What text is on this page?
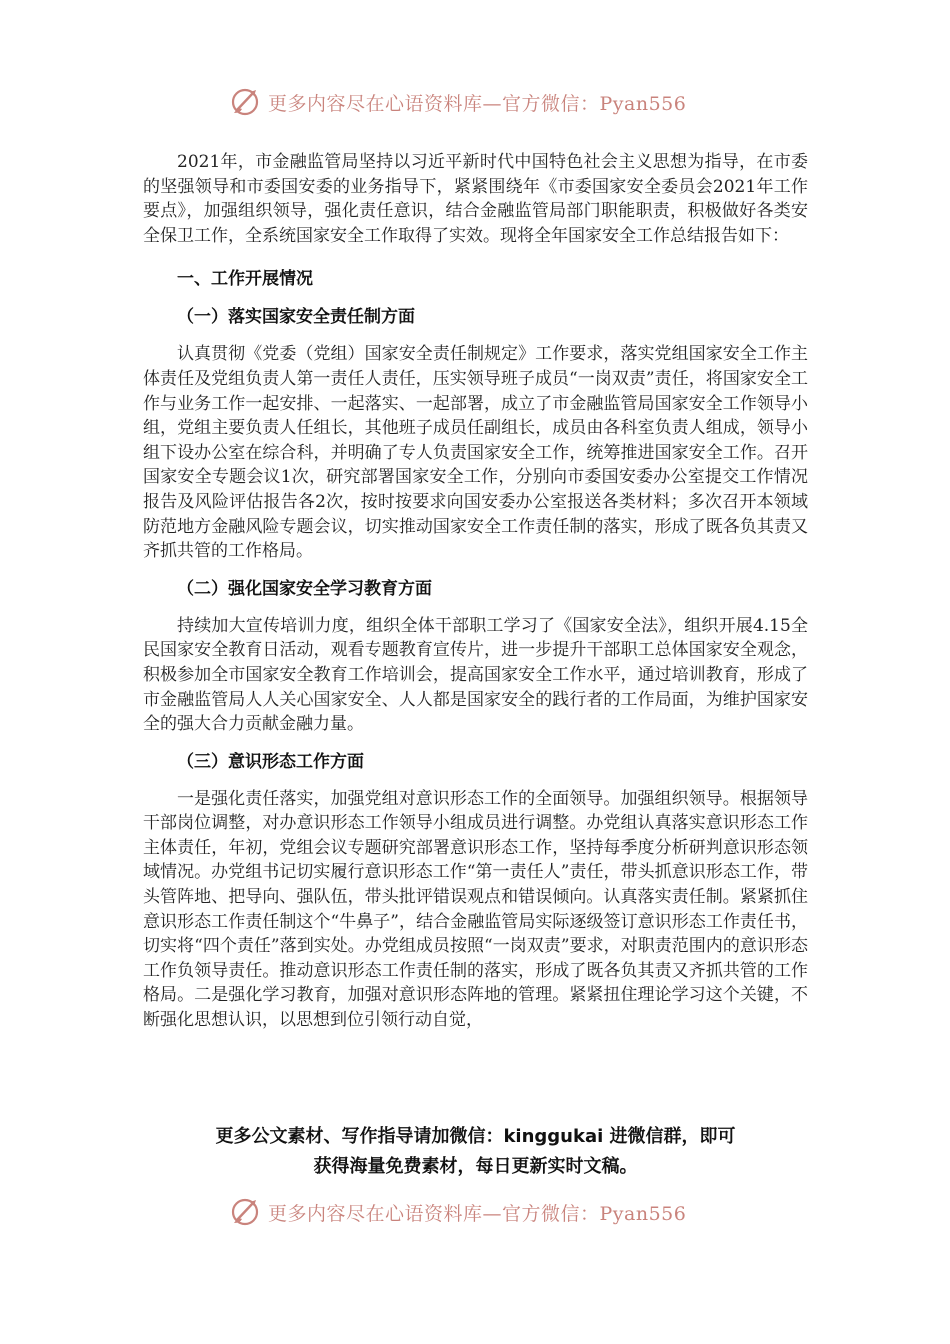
更多内容尽在心语资料库—官方微信：Pyan556

2021年，市金融监管局坚持以习近平新时代中国特色社会主义思想为指导，在市委的坚强领导和市委国安委的业务指导下，紧紧围绕年《市委国家安全委员会2021年工作要点》，加强组织领导，强化责任意识，结合金融监管局部门职能职责，积极做好各类安全保卫工作，全系统国家安全工作取得了实效。现将全年国家安全工作总结报告如下：

一、工作开展情况

（一）落实国家安全责任制方面

认真贯彻《党委（党组）国家安全责任制规定》工作要求，落实党组国家安全工作主体责任及党组负责人第一责任人责任，压实领导班子成员“一岗双责”责任，将国家安全工作与业务工作一起安排、一起落实、一起部署，成立了市金融监管局国家安全工作领导小组，党组主要负责人任组长，其他班子成员任副组长，成员由各科室负责人组成，领导小组下设办公室在综合科，并明确了专人负责国家安全工作，统筹推进国家安全工作。召开国家安全专题会议1次，研究部署国家安全工作，分别向市委国安委办公室提交工作情况报告及风险评估报告各2次，按时按要求向国安委办公室报送各类材料；多次召开本领域防范地方金融风险专题会议，切实推动国家安全工作责任制的落实，形成了既各负其责又齐抓共管的工作格局。

（二）强化国家安全学习教育方面

持续加大宣传培训力度，组织全体干部职工学习了《国家安全法》，组织开展4.15全民国家安全教育日活动，观看专题教育宣传片，进一步提升干部职工总体国家安全观念，积极参加全市国家安全教育工作培训会，提高国家安全工作水平，通过培训教育，形成了市金融监管局人人关心国家安全、人人都是国家安全的践行者的工作局面，为维护国家安全的强大合力贡献金融力量。

（三）意识形态工作方面

一是强化责任落实，加强党组对意识形态工作的全面领导。加强组织领导。根据领导干部岗位调整，对办意识形态工作领导小组成员进行调整。办党组认真落实意识形态工作主体责任，年初，党组会议专题研究部署意识形态工作，坚持每季度分析研判意识形态领域情况。办党组书记切实履行意识形态工作“第一责任人”责任，带头抓意识形态工作，带头管阵地、把导向、强队伍，带头批评错误观点和错误倾向。认真落实责任制。紧紧抓住意识形态工作责任制这个“牛鼻子”，结合金融监管局实际逐级签订意识形态工作责任书，切实将“四个责任”落到实处。办党组成员按照“一岗双责”要求，对职责范围内的意识形态工作负领导责任。推动意识形态工作责任制的落实，形成了既各负其责又齐抓共管的工作格局。二是强化学习教育，加强对意识形态阵地的管理。紧紧扭住理论学习这个关键，不断强化思想认识，以思想到位引领行动自觉，

更多公文素材、写作指导请加微信：kinggukai 进微信群，即可
获得海量免费素材，每日更新实时文稿。
更多内容尽在心语资料库—官方微信：Pyan556
